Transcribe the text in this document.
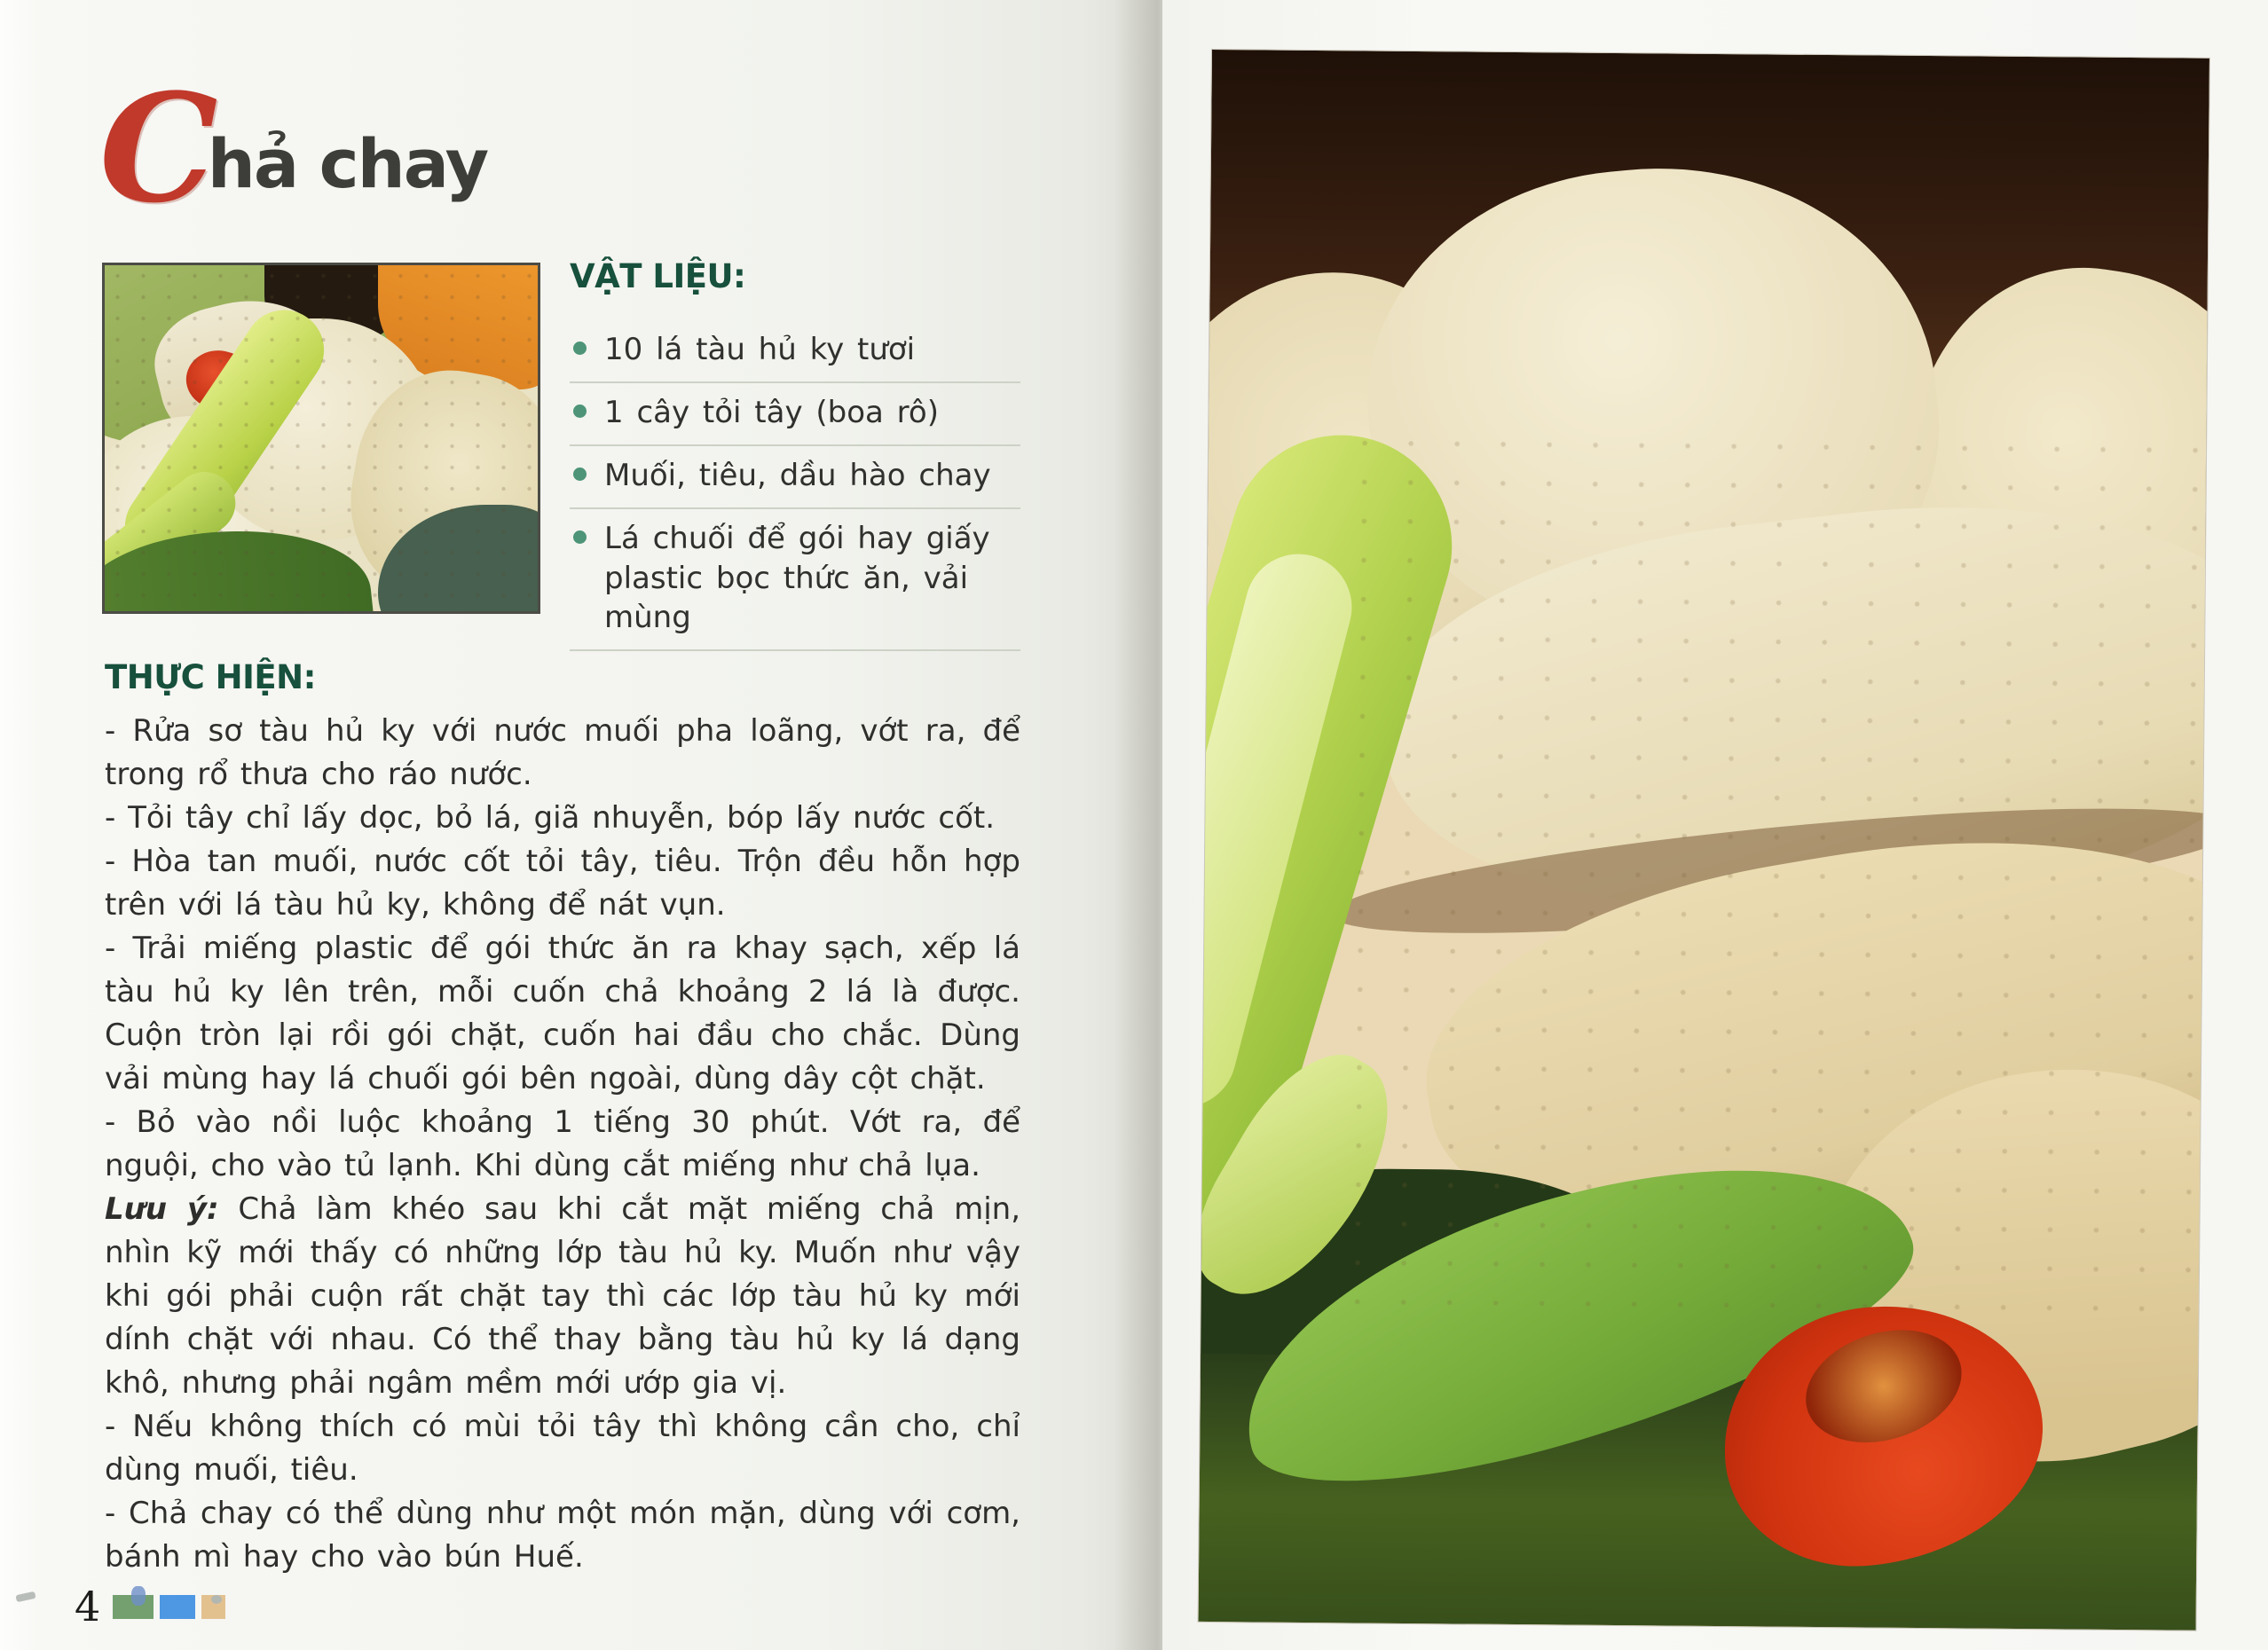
C
hả chay
VẬT LIỆU:
10 lá tàu hủ ky tươi
1 cây tỏi tây (boa rô)
Muối, tiêu, dầu hào chay
Lá chuối để gói hay giấy plastic bọc thức ăn, vải mùng
THỰC HIỆN:

- Rửa sơ tàu hủ ky với nước muối pha loãng, vớt ra, để trong rổ thưa cho ráo nước.

- Tỏi tây chỉ lấy dọc, bỏ lá, giã nhuyễn, bóp lấy nước cốt.

- Hòa tan muối, nước cốt tỏi tây, tiêu. Trộn đều hỗn hợp trên với lá tàu hủ ky, không để nát vụn.

- Trải miếng plastic để gói thức ăn ra khay sạch, xếp lá tàu hủ ky lên trên, mỗi cuốn chả khoảng 2 lá là được. Cuộn tròn lại rồi gói chặt, cuốn hai đầu cho chắc. Dùng vải mùng hay lá chuối gói bên ngoài, dùng dây cột chặt.

- Bỏ vào nồi luộc khoảng 1 tiếng 30 phút. Vớt ra, để nguội, cho vào tủ lạnh. Khi dùng cắt miếng như chả lụa.

Lưu ý: Chả làm khéo sau khi cắt mặt miếng chả mịn, nhìn kỹ mới thấy có những lớp tàu hủ ky. Muốn như vậy khi gói phải cuộn rất chặt tay thì các lớp tàu hủ ky mới dính chặt với nhau. Có thể thay bằng tàu hủ ky lá dạng khô, nhưng phải ngâm mềm mới ướp gia vị.

- Nếu không thích có mùi tỏi tây thì không cần cho, chỉ dùng muối, tiêu.

- Chả chay có thể dùng như một món mặn, dùng với cơm, bánh mì hay cho vào bún Huế.

4
